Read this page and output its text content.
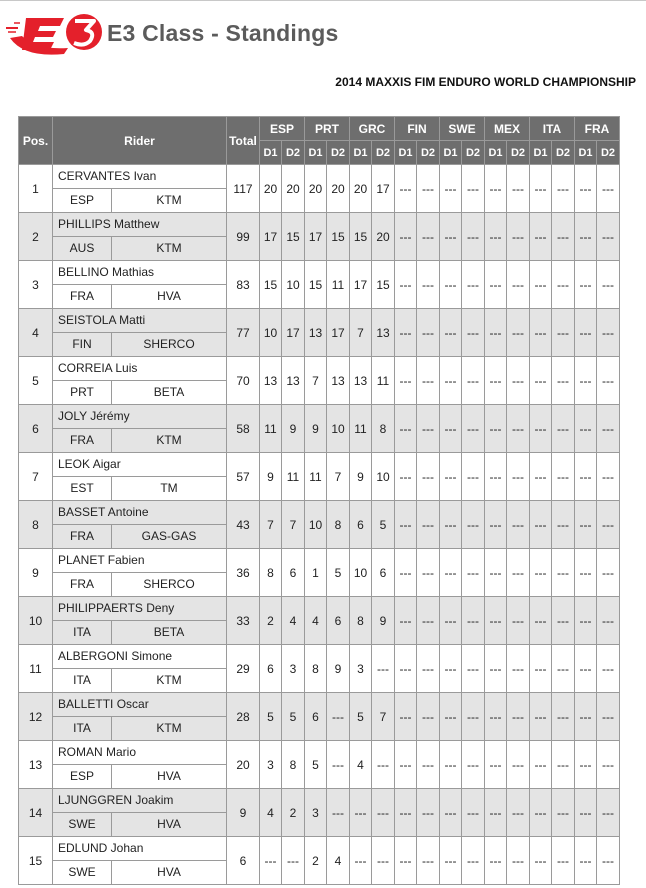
E3 Class - Standings
2014 MAXXIS FIM ENDURO WORLD CHAMPIONSHIP
Pos.	Rider	Total	ESP		PRT		GRC		FIN		SWE		MEX		ITA		FRA	
			D1	D2	D1	D2	D1	D2	D1	D2	D1	D2	D1	D2	D1	D2	D1	D2
1	CERVANTES Ivan
ESP KTM	117	20	20	20	20	20	17	---	---	---	---	---	---	---	---	---	---
2	PHILLIPS Matthew
AUS KTM	99	17	15	17	15	15	20	---	---	---	---	---	---	---	---	---	---
3	BELLINO Mathias
FRA HVA	83	15	10	15	11	17	15	---	---	---	---	---	---	---	---	---	---
4	SEISTOLA Matti
FIN SHERCO	77	10	17	13	17	7	13	---	---	---	---	---	---	---	---	---	---
5	CORREIA Luis
PRT BETA	70	13	13	7	13	13	11	---	---	---	---	---	---	---	---	---	---
6	JOLY Jérémy
FRA KTM	58	11	9	9	10	11	8	---	---	---	---	---	---	---	---	---	---
7	LEOK Aigar
EST TM	57	9	11	11	7	9	10	---	---	---	---	---	---	---	---	---	---
8	BASSET Antoine
FRA GAS-GAS	43	7	7	10	8	6	5	---	---	---	---	---	---	---	---	---	---
9	PLANET Fabien
FRA SHERCO	36	8	6	1	5	10	6	---	---	---	---	---	---	---	---	---	---
10	PHILIPPAERTS Deny
ITA BETA	33	2	4	4	6	8	9	---	---	---	---	---	---	---	---	---	---
11	ALBERGONI Simone
ITA KTM	29	6	3	8	9	3	---	---	---	---	---	---	---	---	---	---	---
12	BALLETTI Oscar
ITA KTM	28	5	5	6	---	5	7	---	---	---	---	---	---	---	---	---	---
13	ROMAN Mario
ESP HVA	20	3	8	5	---	4	---	---	---	---	---	---	---	---	---	---	---
14	LJUNGGREN Joakim
SWE HVA	9	4	2	3	---	---	---	---	---	---	---	---	---	---	---	---	---
15	EDLUND Johan
SWE HVA	6	---	---	2	4	---	---	---	---	---	---	---	---	---	---	---	---
